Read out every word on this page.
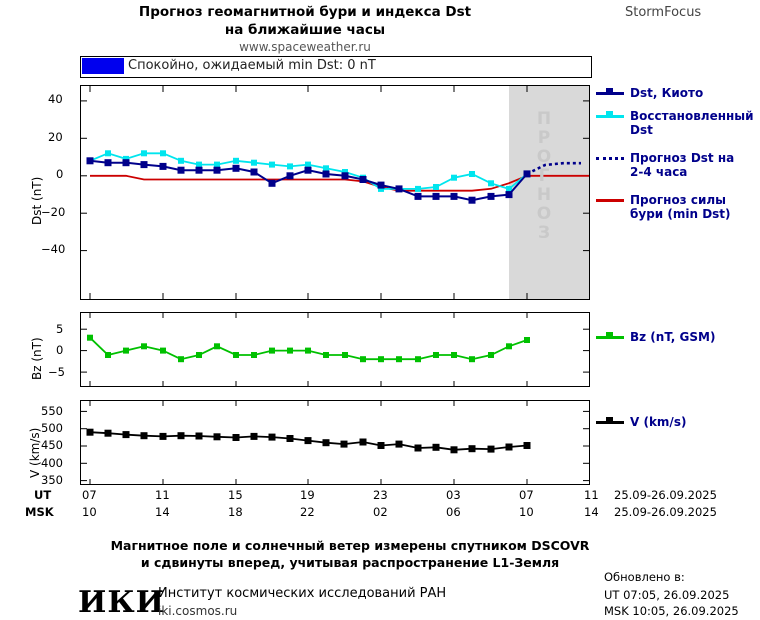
Прогноз геомагнитной бури и индекса Dst
на ближайшие часы
www.spaceweather.ru
StormFocus
Спокойно, ожидаемый min Dst: 0 nT
П
Р
О
Г
Н
О
З
40
20
0
−20
−40
Dst (nT)
5
0
−5
Bz (nT)
550
500
450
400
350
V (km/s)
UT
MSK
07	11	15	19	23	03	07	11
10	14	18	22	02	06	10	14
25.09-26.09.2025
25.09-26.09.2025
Dst, Киото
Восстановленный Dst
Прогноз Dst на 2-4 часа
Прогноз силы бури (min Dst)
Bz (nT, GSM)
V (km/s)
Магнитное поле и солнечный ветер измерены спутником DSCOVR
и сдвинуты вперед, учитывая распространение L1-Земля
ИКИ
Институт космических исследований РАН
iki.cosmos.ru
Обновлено в:
UT 07:05, 26.09.2025
MSK 10:05, 26.09.2025
